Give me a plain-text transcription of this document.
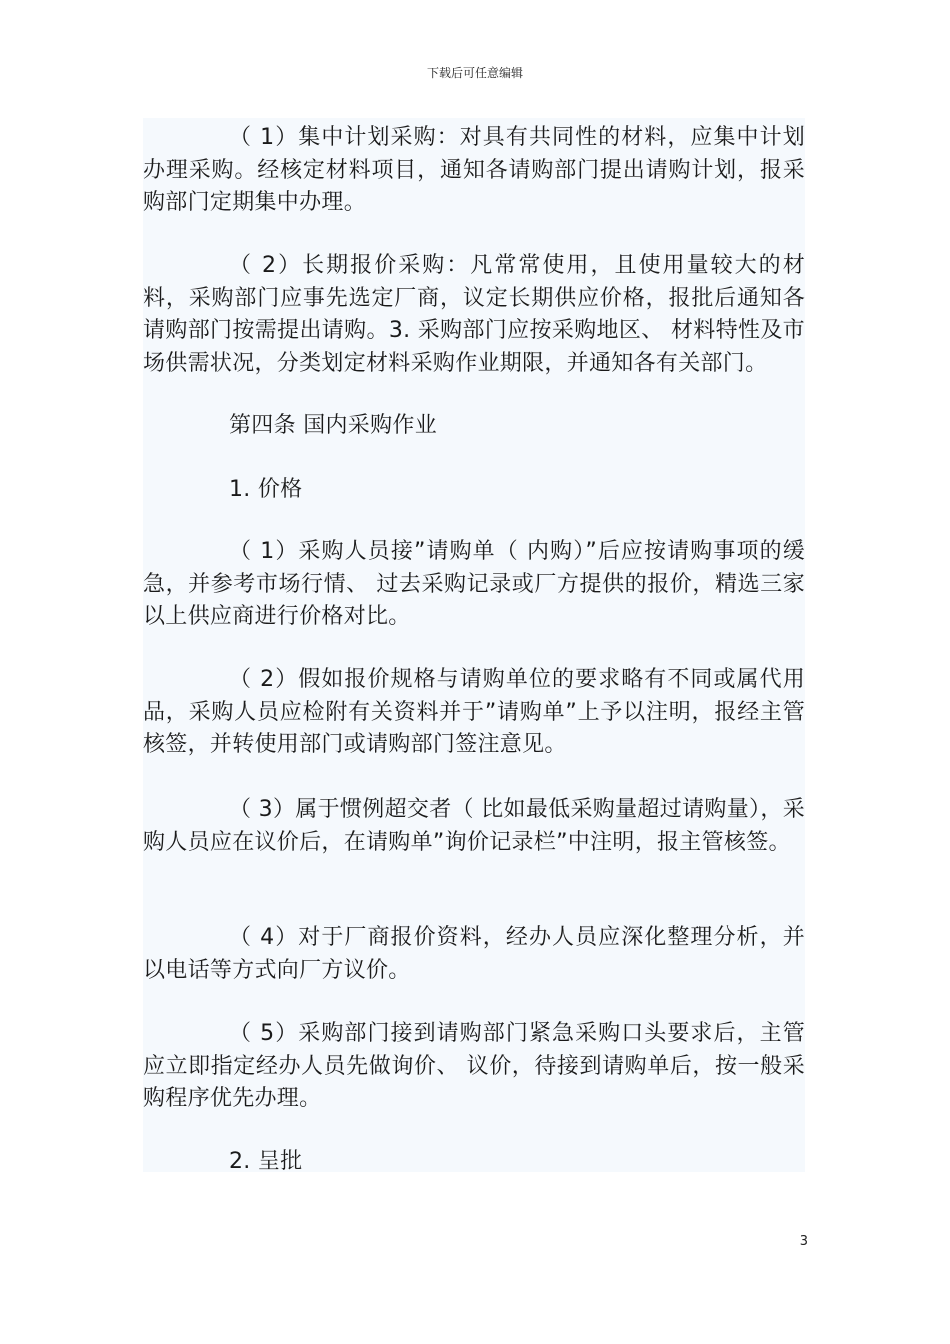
下载后可任意编辑

（ 1）集中计划采购：对具有共同性的材料，应集中计划办理采购。经核定材料项目，通知各请购部门提出请购计划，报采购部门定期集中办理。

（ 2）长期报价采购：凡常常使用，且使用量较大的材料，采购部门应事先选定厂商，议定长期供应价格，报批后通知各请购部门按需提出请购。3. 采购部门应按采购地区、 材料特性及市场供需状况，分类划定材料采购作业期限，并通知各有关部门。

第四条 国内采购作业

1. 价格

（ 1）采购人员接”请购单（ 内购）”后应按请购事项的缓急，并参考市场行情、 过去采购记录或厂方提供的报价，精选三家以上供应商进行价格对比。

（ 2）假如报价规格与请购单位的要求略有不同或属代用品，采购人员应检附有关资料并于”请购单”上予以注明，报经主管核签，并转使用部门或请购部门签注意见。

（ 3）属于惯例超交者（ 比如最低采购量超过请购量），采购人员应在议价后，在请购单”询价记录栏”中注明，报主管核签。

（ 4）对于厂商报价资料，经办人员应深化整理分析，并以电话等方式向厂方议价。

（ 5）采购部门接到请购部门紧急采购口头要求后，主管应立即指定经办人员先做询价、 议价，待接到请购单后，按一般采购程序优先办理。

2. 呈批

3
